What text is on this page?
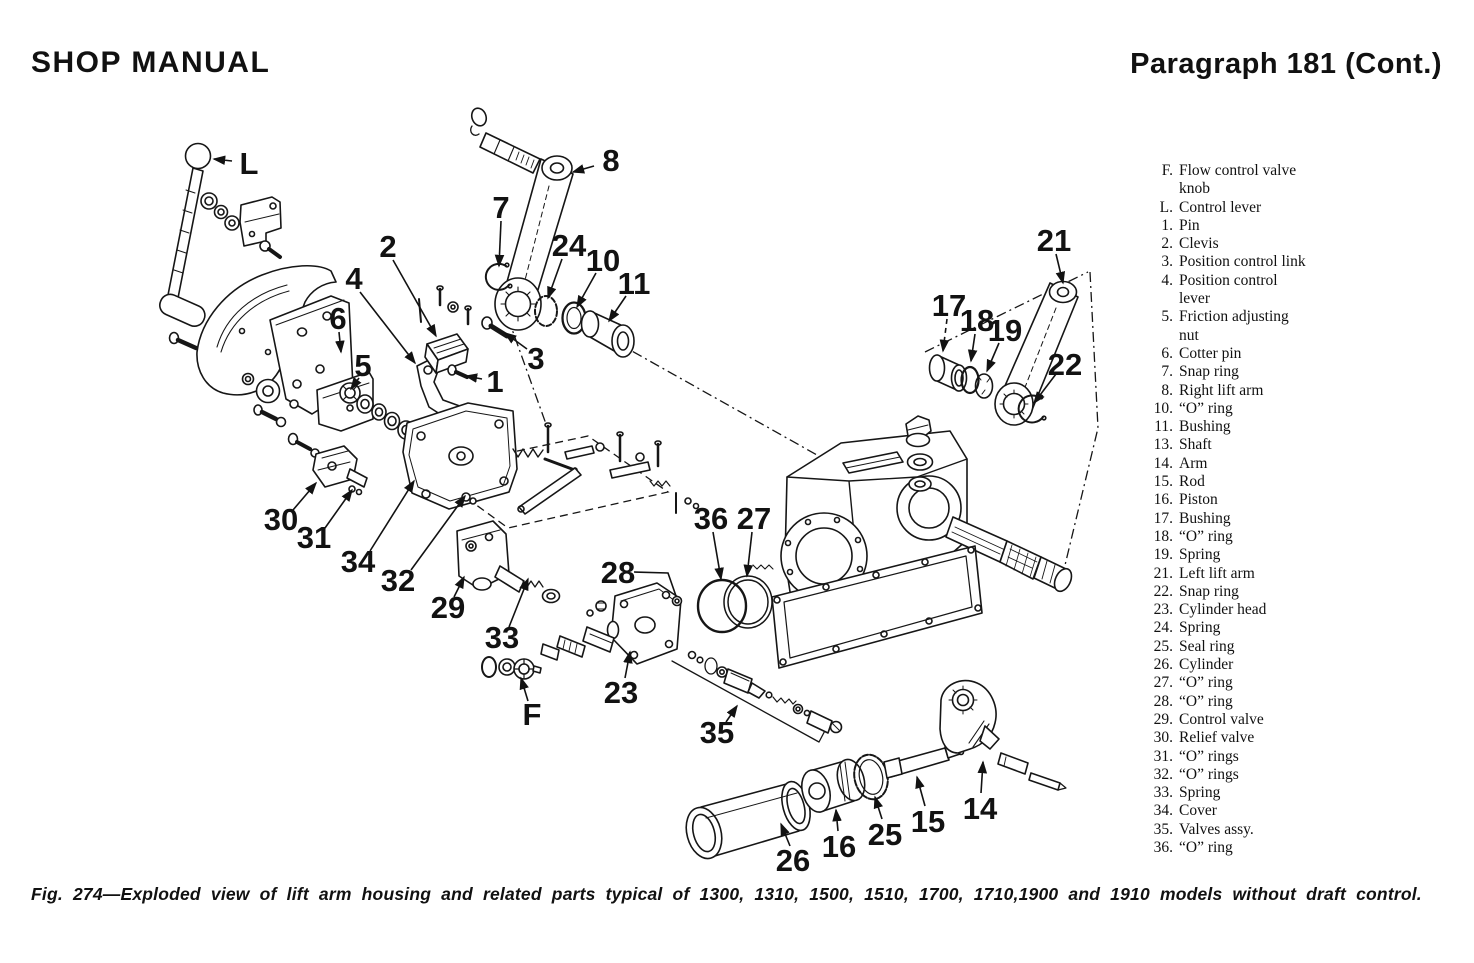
SHOP MANUAL	Paragraph 181 (Cont.)
L	8
7
2	24 10
11
4
6
3
5	1
21
17
18
19
22
30
31
34
32
29
33
36 27
28
23
F
35
14
15
25
16
26
F. Flow control valve
knob
L. Control lever
1. Pin
2. Clevis
3. Position control link
4. Position control
lever
5. Friction adjusting
nut
6. Cotter pin
7. Snap ring
8. Right lift arm
10. “O” ring
11. Bushing
13. Shaft
14. Arm
15. Rod
16. Piston
17. Bushing
18. “O” ring
19. Spring
21. Left lift arm
22. Snap ring
23. Cylinder head
24. Spring
25. Seal ring
26. Cylinder
27. “O” ring
28. “O” ring
29. Control valve
30. Relief valve
31. “O” rings
32. “O” rings
33. Spring
34. Cover
35. Valves assy.
36. “O” ring
Fig. 274—Exploded view of lift arm housing and related parts typical of 1300, 1310, 1500, 1510, 1700, 1710,1900 and 1910 models without draft control.
